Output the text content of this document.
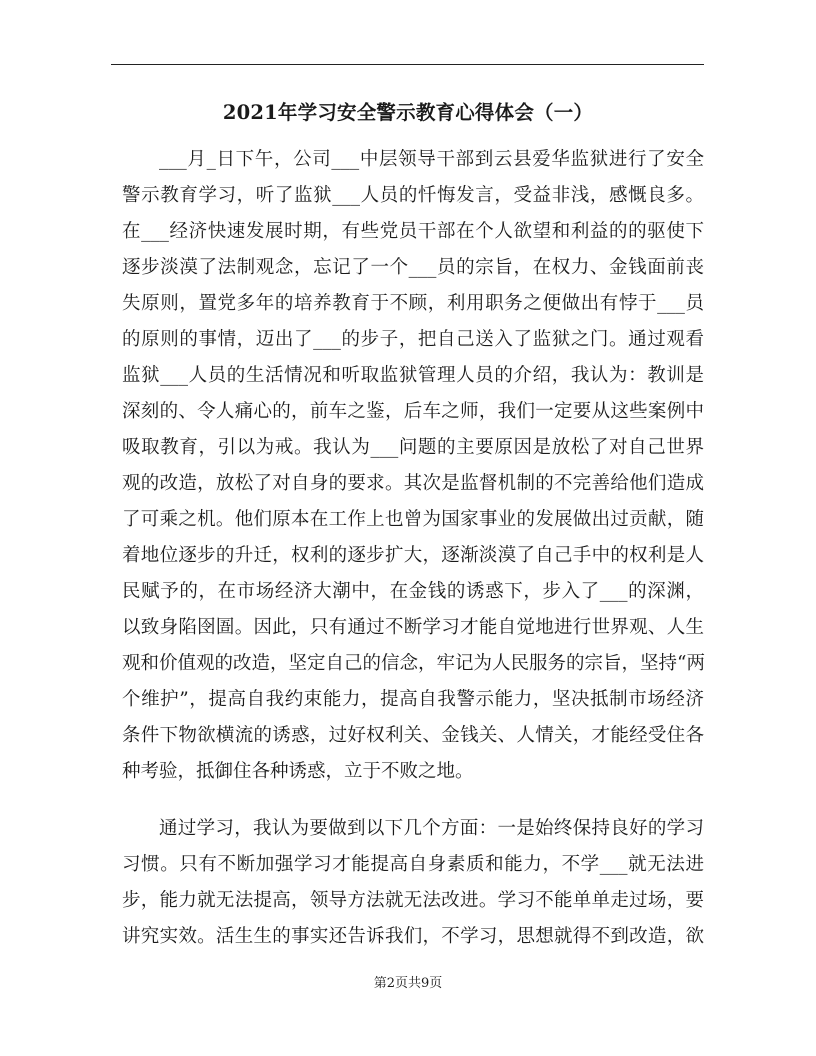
2021年学习安全警示教育心得体会（一）
___月_日下午，公司___中层领导干部到云县爱华监狱进行了安全
警示教育学习，听了监狱___人员的忏悔发言，受益非浅，感慨良多。
在___经济快速发展时期，有些党员干部在个人欲望和利益的的驱使下
逐步淡漠了法制观念，忘记了一个___员的宗旨，在权力、金钱面前丧
失原则，置党多年的培养教育于不顾，利用职务之便做出有悖于___员
的原则的事情，迈出了___的步子，把自己送入了监狱之门。通过观看
监狱___人员的生活情况和听取监狱管理人员的介绍，我认为：教训是
深刻的、令人痛心的，前车之鉴，后车之师，我们一定要从这些案例中
吸取教育，引以为戒。我认为___问题的主要原因是放松了对自己世界
观的改造，放松了对自身的要求。其次是监督机制的不完善给他们造成
了可乘之机。他们原本在工作上也曾为国家事业的发展做出过贡献，随
着地位逐步的升迁，权利的逐步扩大，逐渐淡漠了自己手中的权利是人
民赋予的，在市场经济大潮中，在金钱的诱惑下，步入了___的深渊，
以致身陷囹圄。因此，只有通过不断学习才能自觉地进行世界观、人生
观和价值观的改造，坚定自己的信念，牢记为人民服务的宗旨，坚持“两
个维护”，提高自我约束能力，提高自我警示能力，坚决抵制市场经济
条件下物欲横流的诱惑，过好权利关、金钱关、人情关，才能经受住各
种考验，抵御住各种诱惑，立于不败之地。
通过学习，我认为要做到以下几个方面：一是始终保持良好的学习
习惯。只有不断加强学习才能提高自身素质和能力，不学___就无法进
步，能力就无法提高，领导方法就无法改进。学习不能单单走过场，要
讲究实效。活生生的事实还告诉我们，不学习，思想就得不到改造，欲
第2页共9页
